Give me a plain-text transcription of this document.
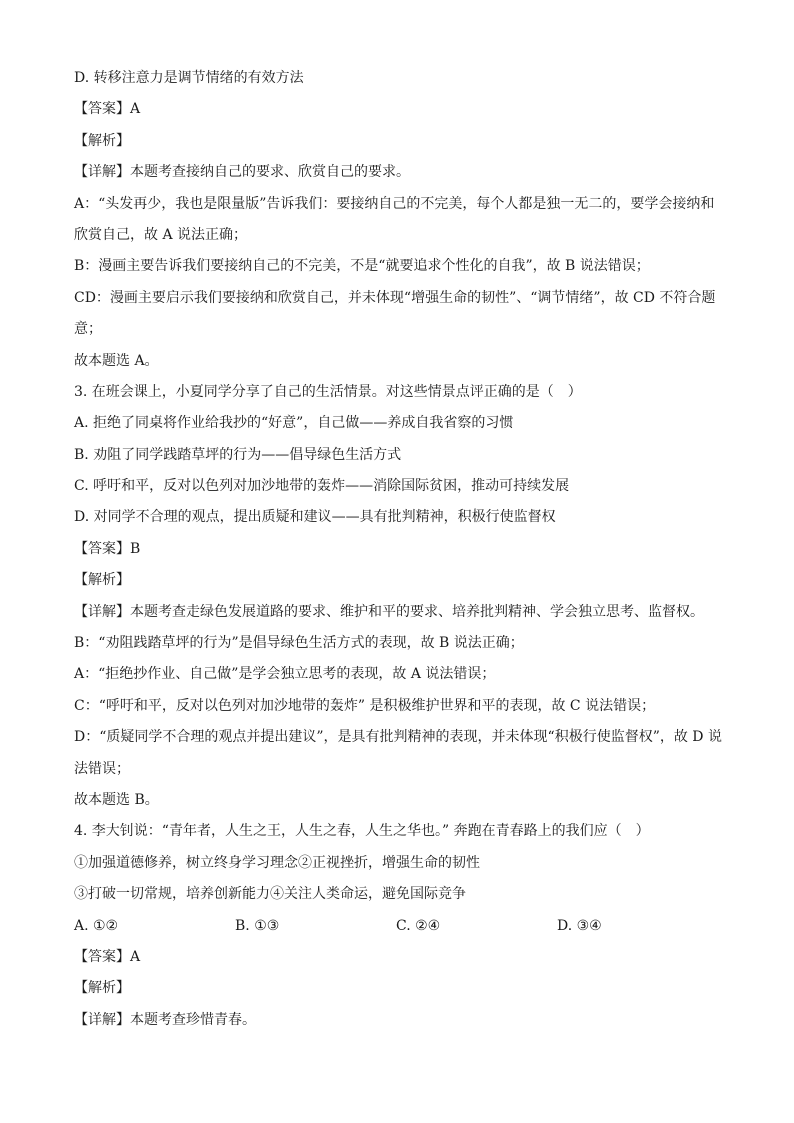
D. 转移注意力是调节情绪的有效方法
【答案】A
【解析】
【详解】本题考查接纳自己的要求、欣赏自己的要求。
A：“头发再少，我也是限量版”告诉我们：要接纳自己的不完美，每个人都是独一无二的，要学会接纳和
欣赏自己，故 A 说法正确；
B：漫画主要告诉我们要接纳自己的不完美，不是“就要追求个性化的自我”，故 B 说法错误；
CD：漫画主要启示我们要接纳和欣赏自己，并未体现“增强生命的韧性”、“调节情绪”，故 CD 不符合题
意；
故本题选 A。
3. 在班会课上，小夏同学分享了自己的生活情景。对这些情景点评正确的是（　）
A. 拒绝了同桌将作业给我抄的“好意”，自己做——养成自我省察的习惯
B. 劝阻了同学践踏草坪的行为——倡导绿色生活方式
C. 呼吁和平，反对以色列对加沙地带的轰炸——消除国际贫困，推动可持续发展
D. 对同学不合理的观点，提出质疑和建议——具有批判精神，积极行使监督权
【答案】B
【解析】
【详解】本题考查走绿色发展道路的要求、维护和平的要求、培养批判精神、学会独立思考、监督权。
B：“劝阻践踏草坪的行为”是倡导绿色生活方式的表现，故 B 说法正确；
A：“拒绝抄作业、自己做”是学会独立思考的表现，故 A 说法错误；
C：“呼吁和平，反对以色列对加沙地带的轰炸” 是积极维护世界和平的表现，故 C 说法错误；
D：“质疑同学不合理的观点并提出建议”，是具有批判精神的表现，并未体现“积极行使监督权”，故 D 说
法错误；
故本题选 B。
4. 李大钊说：“青年者，人生之王，人生之春，人生之华也。” 奔跑在青春路上的我们应（　）
①加强道德修养，树立终身学习理念②正视挫折，增强生命的韧性
③打破一切常规，培养创新能力④关注人类命运，避免国际竞争
A. ①②	B. ①③	C. ②④	D. ③④
【答案】A
【解析】
【详解】本题考查珍惜青春。
